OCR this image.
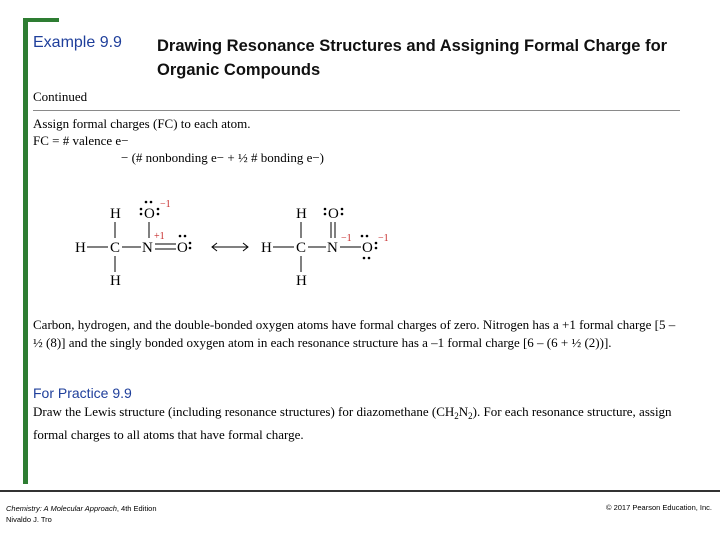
Example 9.9 Drawing Resonance Structures and Assigning Formal Charge for Organic Compounds
Continued
Assign formal charges (FC) to each atom.
FC = # valence e−
− (# nonbonding e− + ½ # bonding e−)
H
C
H
H
N
O
O
−1
+1
H
C
H
H
N
O
O
−1	−1
Carbon, hydrogen, and the double-bonded oxygen atoms have formal charges of zero. Nitrogen has a +1 formal charge [5 – ½ (8)] and the singly bonded oxygen atom in each resonance structure has a –1 formal charge [6 – (6 + ½ (2))].
For Practice 9.9
Draw the Lewis structure (including resonance structures) for diazomethane $(CH_2N_2)$. For each resonance structure, assign formal charges to all atoms that have formal charge.
Chemistry: A Molecular Approach, 4th Edition
Nivaldo J. Tro
© 2017 Pearson Education, Inc.
